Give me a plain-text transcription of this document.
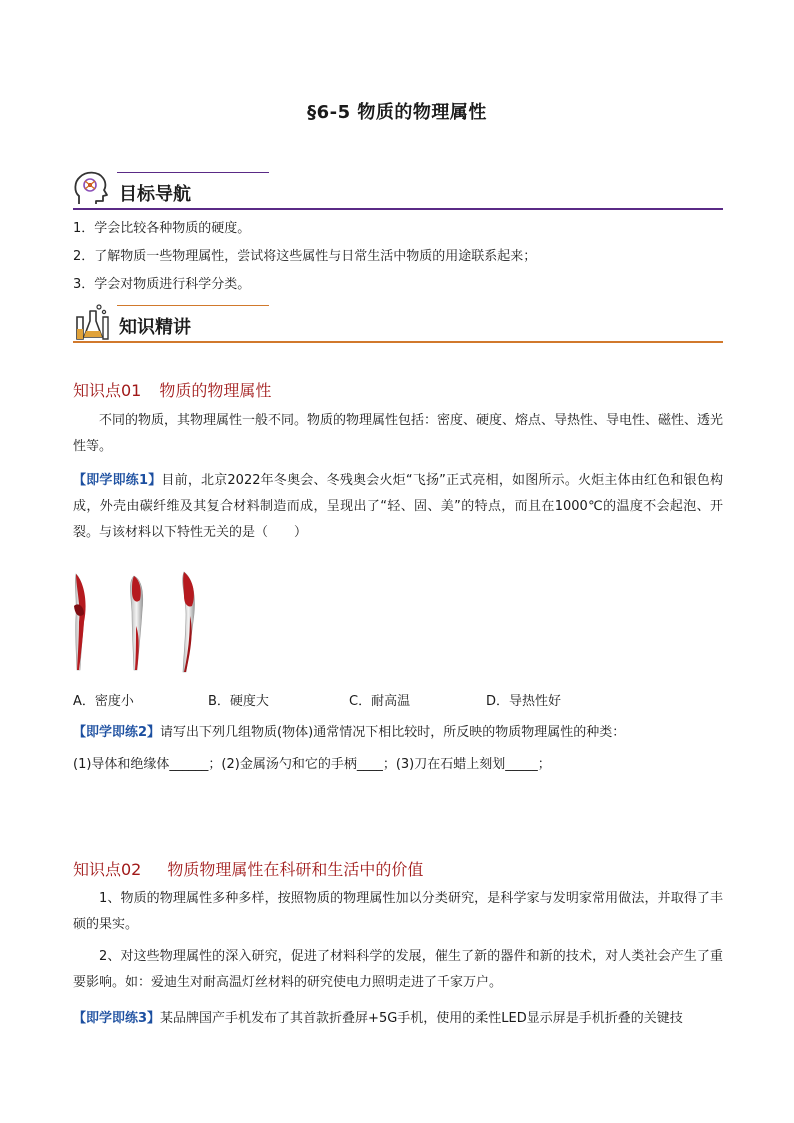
§6-5 物质的物理属性
目标导航

1．学会比较各种物质的硬度。

2．了解物质一些物理属性，尝试将这些属性与日常生活中物质的用途联系起来；

3．学会对物质进行科学分类。

知识精讲
知识点01 物质的物理属性

不同的物质，其物理属性一般不同。物质的物理属性包括：密度、硬度、熔点、导热性、导电性、磁性、透光性等。

【即学即练1】目前，北京2022年冬奥会、冬残奥会火炬“飞扬”正式亮相，如图所示。火炬主体由红色和银色构成，外壳由碳纤维及其复合材料制造而成，呈现出了“轻、固、美”的特点，而且在1000℃的温度不会起泡、开裂。与该材料以下特性无关的是（　　）

A．密度小	B．硬度大	C．耐高温	D．导热性好

【即学即练2】请写出下列几组物质(物体)通常情况下相比较时，所反映的物质物理属性的种类：

(1)导体和绝缘体______；(2)金属汤勺和它的手柄____；(3)刀在石蜡上刻划_____；

知识点02 物质物理属性在科研和生活中的价值

1、物质的物理属性多种多样，按照物质的物理属性加以分类研究，是科学家与发明家常用做法，并取得了丰硕的果实。

2、对这些物理属性的深入研究，促进了材料科学的发展，催生了新的器件和新的技术，对人类社会产生了重要影响。如：爱迪生对耐高温灯丝材料的研究使电力照明走进了千家万户。

【即学即练3】某品牌国产手机发布了其首款折叠屏+5G手机，使用的柔性LED显示屏是手机折叠的关键技
